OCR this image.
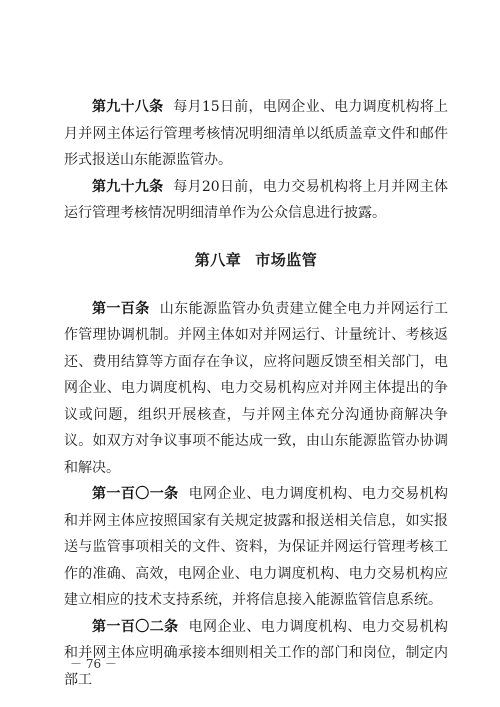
第九十八条 每月15日前，电网企业、电力调度机构将上月并网主体运行管理考核情况明细清单以纸质盖章文件和邮件形式报送山东能源监管办。

第九十九条 每月20日前，电力交易机构将上月并网主体运行管理考核情况明细清单作为公众信息进行披露。

第八章 市场监管

第一百条 山东能源监管办负责建立健全电力并网运行工作管理协调机制。并网主体如对并网运行、计量统计、考核返还、费用结算等方面存在争议，应将问题反馈至相关部门，电网企业、电力调度机构、电力交易机构应对并网主体提出的争议或问题，组织开展核查，与并网主体充分沟通协商解决争议。如双方对争议事项不能达成一致，由山东能源监管办协调和解决。

第一百〇一条 电网企业、电力调度机构、电力交易机构和并网主体应按照国家有关规定披露和报送相关信息，如实报送与监管事项相关的文件、资料，为保证并网运行管理考核工作的准确、高效，电网企业、电力调度机构、电力交易机构应建立相应的技术支持系统，并将信息接入能源监管信息系统。

第一百〇二条 电网企业、电力调度机构、电力交易机构和并网主体应明确承接本细则相关工作的部门和岗位，制定内部工

－ 76 －
